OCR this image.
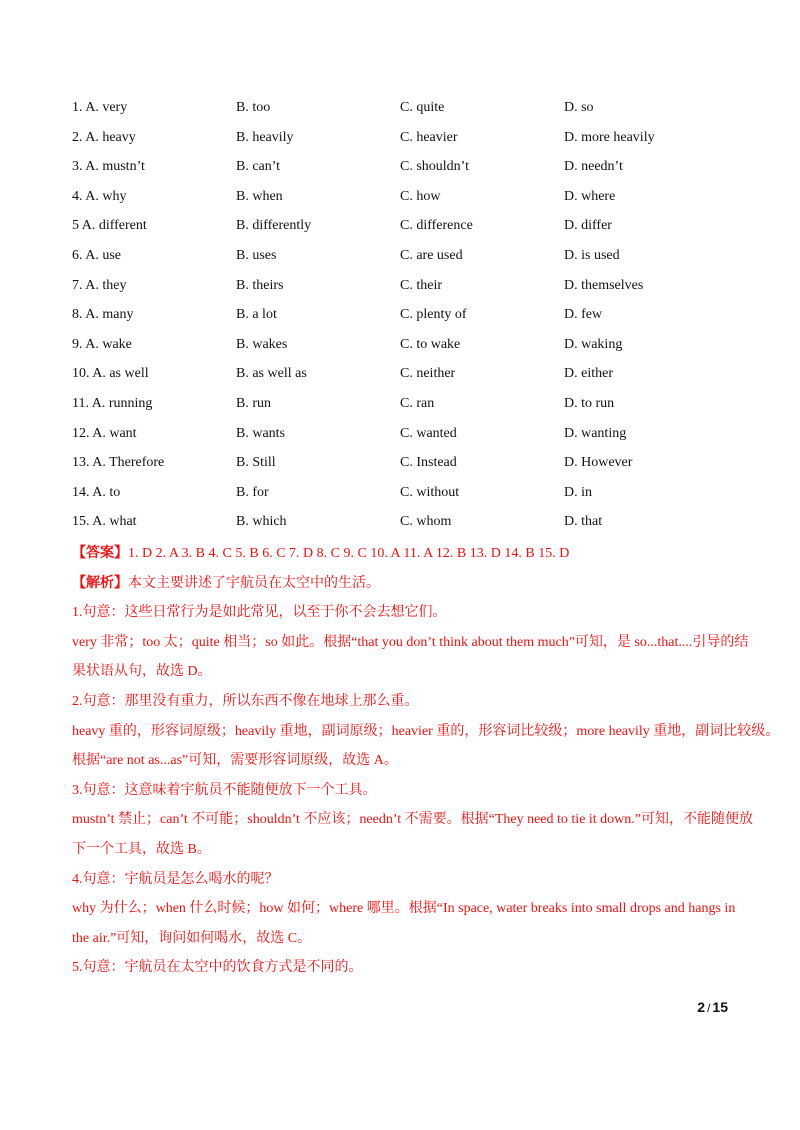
1. A. very	B. too	C. quite	D. so
2. A. heavy	B. heavily	C. heavier	D. more heavily
3. A. mustn’t	B. can’t	C. shouldn’t	D. needn’t
4. A. why	B. when	C. how	D. where
5 A. different	B. differently	C. difference	D. differ
6. A. use	B. uses	C. are used	D. is used
7. A. they	B. theirs	C. their	D. themselves
8. A. many	B. a lot	C. plenty of	D. few
9. A. wake	B. wakes	C. to wake	D. waking
10. A. as well	B. as well as	C. neither	D. either
11. A. running	B. run	C. ran	D. to run
12. A. want	B. wants	C. wanted	D. wanting
13. A. Therefore	B. Still	C. Instead	D. However
14. A. to	B. for	C. without	D. in
15. A. what	B. which	C. whom	D. that
【答案】1. D 2. A 3. B 4. C 5. B 6. C 7. D 8. C 9. C 10. A 11. A 12. B 13. D 14. B 15. D
【解析】本文主要讲述了宇航员在太空中的生活。
1.句意：这些日常行为是如此常见，以至于你不会去想它们。
very 非常；too 太；quite 相当；so 如此。根据“that you don’t think about them much”可知，是 so...that....引导的结
果状语从句，故选 D。
2.句意：那里没有重力，所以东西不像在地球上那么重。
heavy 重的，形容词原级；heavily 重地，副词原级；heavier 重的，形容词比较级；more heavily 重地，副词比较级。
根据“are not as...as”可知，需要形容词原级，故选 A。
3.句意：这意味着宇航员不能随便放下一个工具。
mustn’t 禁止；can’t 不可能；shouldn’t 不应该；needn’t 不需要。根据“They need to tie it down.”可知，不能随便放
下一个工具，故选 B。
4.句意：宇航员是怎么喝水的呢？
why 为什么；when 什么时候；how 如何；where 哪里。根据“In space, water breaks into small drops and hangs in
the air.”可知，询问如何喝水，故选 C。
5.句意：宇航员在太空中的饮食方式是不同的。
2 / 15
